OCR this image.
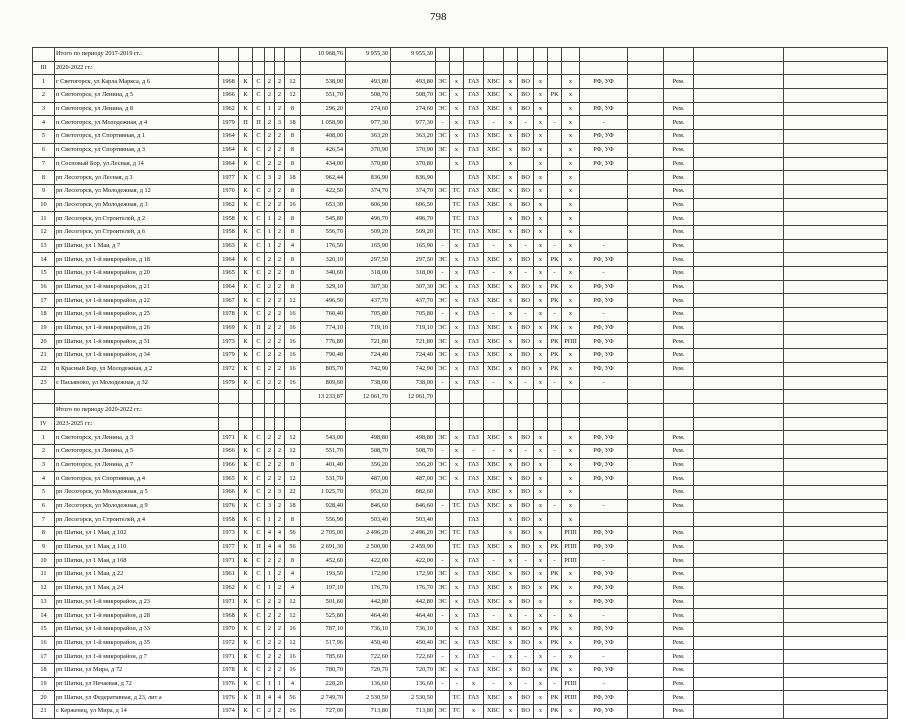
798
	Итого по периоду 2017-2019 гг.:							10 968,76	9 955,30	9 955,30														
III	2020-2022 гг.:																							
1	г Светогорск, ул Карла Маркса, д 6	1968	К	С	2	2	12	538,00	493,80	493,80	ЭС	х	ГАЗ	ХВС	х	ВО	х		х	РФ, УФ		Рем.		
2	п Светогорск, ул Ленина, д 5	1966	К	С	2	2	12	551,70	508,70	508,70	ЭС	х	ГАЗ	ХВС	х	ВО	х	РК	х					
3	п Светогорск, ул Ленина, д 8	1962	К	С	1	2	8	296,20	274,60	274,60	ЭС	х	ГАЗ	ХВС	х	ВО	х		х	РФ, УФ		Рем.		
4	п Светогорск, ул Молодежная, д 4	1979	П	П	2	3	18	1 058,90	977,30	977,30	-	х	ГАЗ	-	х	-	х	-	х	-		Рем.		
5	п Светогорск, ул Спортивная, д 1	1964	К	С	2	2	8	408,00	363,20	363,20	ЭС	х	ГАЗ	ХВС	х	ВО	х		х	РФ, УФ		Рем.		
6	п Светогорск, ул Спортивная, д 3	1964	К	С	2	2	8	426,54	370,90	370,90	ЭС	х	ГАЗ	ХВС	х	ВО	х		х	РФ, УФ		Рем.		
7	п Сосновый Бор, ул Лесная, д 14	1964	К	С	2	2	8	434,00	370,80	370,80		х	ГАЗ		х		х		х	РФ, УФ		Рем.		
8	рп Лесогорск, ул Лесная, д 3	1977	К	С	3	2	18	962,44	836,90	836,90			ГАЗ	ХВС	х	ВО	х		х			Рем.		
9	рп Лесогорск, ул Молодежная, д 12	1970	К	С	2	2	8	422,50	374,70	374,70	ЭС	ТС	ГАЗ	ХВС	х	ВО	х		х			Рем.		
10	рп Лесогорск, ул Молодежная, д 3	1962	К	С	2	2	16	653,30	606,90	606,50		ТС	ГАЗ	ХВС	х	ВО	х		х			Рем.		
11	рп Лесогорск, ул Строителей, д 2	1958	К	С	1	2	8	545,80	496,70	496,70		ТС	ГАЗ		х	ВО	х		х			Рем.		
12	рп Лесогорск, ул Строителей, д 6	1958	К	С	1	2	8	556,70	509,20	509,20		ТС	ГАЗ	ХВС	х	ВО	х		х			Рем.		
13	рп Шатки, ул 1 Мая, д 7	1963	К	С	1	2	4	176,50	165,90	165,90	-	х	ГАЗ	-	х	-	х	-	х	-		Рем.		
14	рп Шатки, ул 1-й микрорайон, д 18	1964	К	С	2	2	8	320,10	297,50	297,50	ЭС	х	ГАЗ	ХВС	х	ВО	х	РК	х	РФ, УФ		Рем.		
15	рп Шатки, ул 1-й микрорайон, д 20	1965	К	С	2	2	8	340,60	318,00	318,00	-	х	ГАЗ	-	х	-	х	-	х	-		Рем.		
16	рп Шатки, ул 1-й микрорайон, д 21	1964	К	С	2	2	8	329,10	307,30	307,30	ЭС	х	ГАЗ	ХВС	х	ВО	х	РК	х	РФ, УФ		Рем.		
17	рп Шатки, ул 1-й микрорайон, д 22	1967	К	С	2	2	12	496,50	437,70	437,70	ЭС	х	ГАЗ	ХВС	х	ВО	х	РК	х	РФ, УФ		Рем.		
18	рп Шатки, ул 1-й микрорайон, д 25	1978	К	С	2	2	16	760,40	705,80	705,80	-	х	ГАЗ	-	х	-	х	-	х	-		Рем.		
19	рп Шатки, ул 1-й микрорайон, д 26	1969	К	П	2	2	16	774,10	719,10	719,10	ЭС	х	ГАЗ	ХВС	х	ВО	х	РК	х	РФ, УФ		Рем.		
20	рп Шатки, ул 1-й микрорайон, д 31	1973	К	С	2	2	16	776,80	721,80	721,80	ЭС	х	ГАЗ	ХВС	х	ВО	х	РК	РПП	РФ, УФ		Рем.		
21	рп Шатки, ул 1-й микрорайон, д 34	1979	К	С	2	2	16	790,40	724,40	724,40	ЭС	х	ГАЗ	ХВС	х	ВО	х	РК	х	РФ, УФ		Рем.		
22	п Красный Бор, ул Молодежная, д 2	1972	К	С	2	2	16	805,70	742,90	742,90	ЭС	х	ГАЗ	ХВС	х	ВО	х	РК	х	РФ, УФ		Рем.		
23	с Пасьяново, ул Молодежная, д 32	1979	К	С	2	2	16	809,60	738,00	738,00	-	х	ГАЗ	-	х	-	х	-	х	-				
								13 233,87	12 061,70	12 061,70														
	Итого по периоду 2020-2022 гг.:																							
IV	2023-2025 гг.:																							
1	п Светогорск, ул Ленина, д 3	1971	К	С	2	2	12	543,00	498,80	498,80	ЭС	х	ГАЗ	ХВС	х	ВО	х		х	РФ, УФ		Рем.		
2	п Светогорск, ул Ленина, д 5	1966	К	С	2	2	12	551,70	508,70	508,70	-	х	-	-	х	-	х	-	х	РФ, УФ		Рем.		
3	п Светогорск, ул Ленина, д 7	1966	К	С	2	2	8	401,40	356,20	356,20	ЭС	х	ГАЗ	ХВС	х	ВО	х		х	РФ, УФ		Рем.		
4	п Светогорск, ул Спортивная, д 4	1965	К	С	2	2	12	531,70	487,00	487,00	ЭС	х	ГАЗ	ХВС	х	ВО	х		х	РФ, УФ		Рем.		
5	рп Лесогорск, ул Молодежная, д 5	1966	К	С	2	3	22	1 025,70	953,20	882,60			ГАЗ	ХВС	х	ВО	х		х			Рем.		
6	рп Лесогорск, ул Молодежная, д 9	1976	К	С	3	2	18	928,40	846,60	846,60	-	ТС	ГАЗ	ХВС	х	ВО	х	-	х	-		Рем.		
7	рп Лесогорск, ул Строителей, д 4	1958	К	С	1	2	8	556,90	503,40	503,40			ГАЗ		х	ВО	х		х					
8	рп Шатки, ул 1 Мая, д 102	1973	К	С	4	4	56	2 705,00	2 496,20	2 496,20	ЭС	ТС	ГАЗ		х	ВО	х		РПП	РФ, УФ		Рем.		
9	рп Шатки, ул 1 Мая, д 110	1977	К	П	4	4	56	2 691,30	2 500,90	2 459,90		ТС	ГАЗ	ХВС	х	ВО	х	РК	РПП	РФ, УФ		Рем.		
10	рп Шатки, ул 1 Мая, д 168	1971	К	С	2	2	8	452,60	422,00	422,00	-	х	ГАЗ	-	х	-	х	-	РПП	-		Рем.		
11	рп Шатки, ул 1 Мая, д 22	1961	К	С	1	2	4	193,50	172,90	172,90	ЭС	х	ГАЗ	ХВС	х	ВО	х	РК	х	РФ, УФ		Рем.		
12	рп Шатки, ул 1 Мая, д 24	1962	К	С	1	2	4	197,10	176,70	176,70	ЭС	х	ГАЗ	ХВС	х	ВО	х	РК	х	РФ, УФ		Рем.		
13	рп Шатки, ул 1-й микрорайон, д 23	1971	К	С	2	2	12	501,60	442,80	442,80	ЭС	х	ГАЗ	ХВС	х	ВО	х		х	РФ, УФ		Рем.		
14	рп Шатки, ул 1-й микрорайон, д 28	1968	К	С	2	2	12	525,80	464,40	464,40	-	х	ГАЗ	-	х	-	х	-	х	-		Рем.		
15	рп Шатки, ул 1-й микрорайон, д 33	1970	К	С	2	2	16	787,10	736,10	736,10		х	ГАЗ	ХВС	х	ВО	х	РК	х	РФ, УФ		Рем.		
16	рп Шатки, ул 1-й микрорайон, д 35	1972	К	С	2	2	12	517,96	450,40	450,40	ЭС	х	ГАЗ	ХВС	х	ВО	х	РК	х	РФ, УФ		Рем.		
17	рп Шатки, ул 1-й микрорайон, д 7	1971	К	С	2	2	16	785,60	722,60	722,60	-	х	ГАЗ	-	х	-	х	-	х	-		Рем.		
18	рп Шатки, ул Мира, д 72	1978	К	С	2	2	16	780,70	720,70	720,70	ЭС	х	ГАЗ	ХВС	х	ВО	х	РК	х	РФ, УФ		Рем.		
19	рп Шатки, ул Нечаевая, д 72	1976	К	С	1	1	4	228,20	136,60	136,60	-	-	х	-	х	-	х	-	РПП	-		Рем.		
20	рп Шатки, ул Федеративная, д 23, лит а	1976	К	П	4	4	56	2 749,70	2 530,50	2 530,50		ТС	ГАЗ	ХВС	х	ВО	х	РК	РПП	РФ, УФ		Рем.		
21	с Керженец, ул Мира, д 14	1974	К	С	2	2	16	727,00	713,80	713,80	ЭС	ТС	х	ХВС	х	ВО	х	РК	х	РФ, УФ		Рем.		
